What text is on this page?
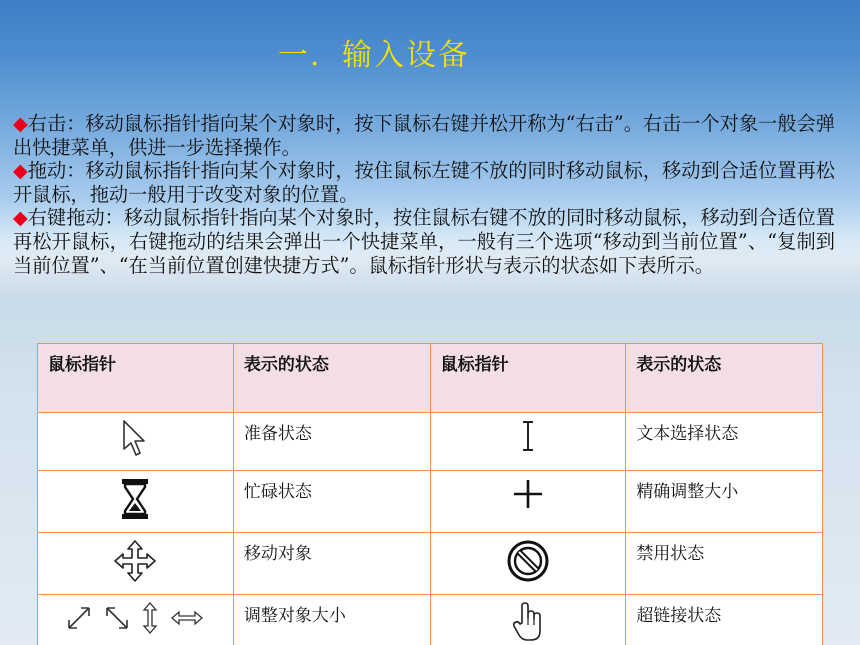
一．输入设备
◆右击：移动鼠标指针指向某个对象时，按下鼠标右键并松开称为“右击”。右击一个对象一般会弹出快捷菜单，供进一步选择操作。
◆拖动：移动鼠标指针指向某个对象时，按住鼠标左键不放的同时移动鼠标，移动到合适位置再松开鼠标，拖动一般用于改变对象的位置。
◆右键拖动：移动鼠标指针指向某个对象时，按住鼠标右键不放的同时移动鼠标，移动到合适位置再松开鼠标，右键拖动的结果会弹出一个快捷菜单，一般有三个选项“移动到当前位置”、“复制到当前位置”、“在当前位置创建快捷方式”。鼠标指针形状与表示的状态如下表所示。
鼠标指针	表示的状态	鼠标指针	表示的状态
	准备状态		文本选择状态
	忙碌状态		精确调整大小
	移动对象		禁用状态

	调整对象大小		超链接状态
